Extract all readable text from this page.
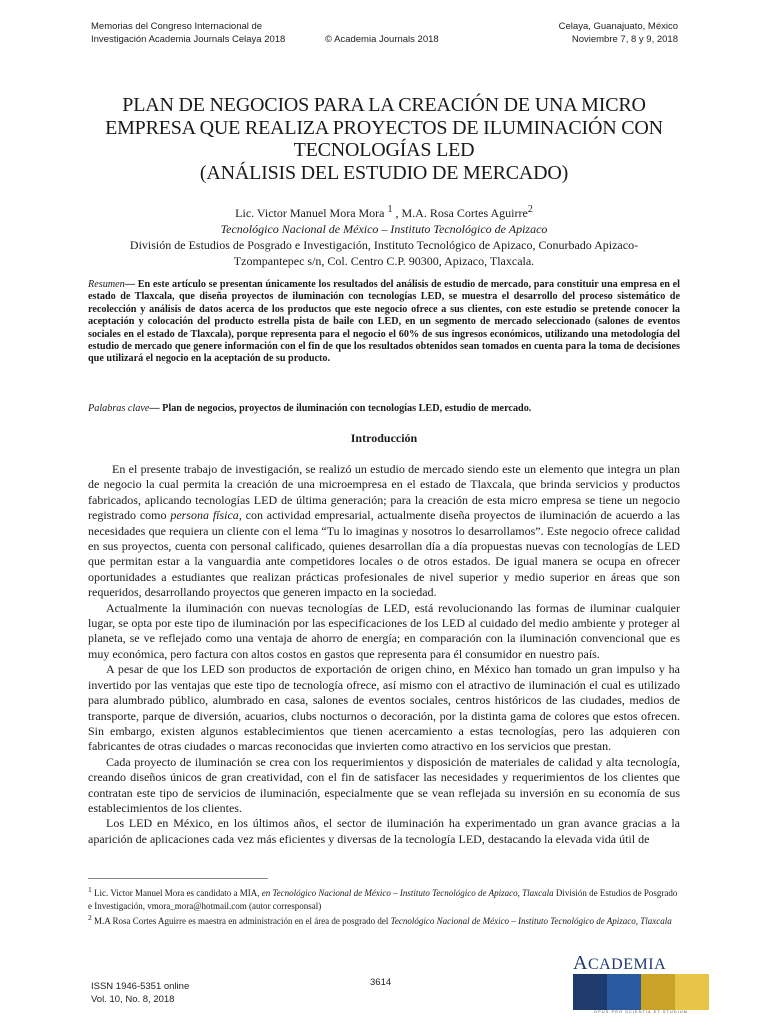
Memorias del Congreso Internacional de
Investigación Academia Journals Celaya 2018	© Academia Journals 2018
Celaya, Guanajuato, México
Noviembre 7, 8 y 9, 2018
PLAN DE NEGOCIOS PARA LA CREACIÓN DE UNA MICRO
EMPRESA QUE REALIZA PROYECTOS DE ILUMINACIÓN CON
TECNOLOGÍAS LED
(ANÁLISIS DEL ESTUDIO DE MERCADO)
Lic. Victor Manuel Mora Mora $^1$ , M.A. Rosa Cortes Aguirre$^2$
Tecnológico Nacional de México – Instituto Tecnológico de Apizaco
División de Estudios de Posgrado e Investigación, Instituto Tecnológico de Apizaco, Conurbado Apizaco-
Tzompantepec s/n, Col. Centro C.P. 90300, Apizaco, Tlaxcala.
Resumen— En este artículo se presentan únicamente los resultados del análisis de estudio de mercado, para constituir una empresa en el estado de Tlaxcala, que diseña proyectos de iluminación con tecnologías LED, se muestra el desarrollo del proceso sistemático de recolección y análisis de datos acerca de los productos que este negocio ofrece a sus clientes, con este estudio se pretende conocer la aceptación y colocación del producto estrella pista de baile con LED, en un segmento de mercado seleccionado (salones de eventos sociales en el estado de Tlaxcala), porque representa para el negocio el 60% de sus ingresos económicos, utilizando una metodología del estudio de mercado que genere información con el fin de que los resultados obtenidos sean tomados en cuenta para la toma de decisiones que utilizará el negocio en la aceptación de su producto.
Palabras clave— Plan de negocios, proyectos de iluminación con tecnologías LED, estudio de mercado.
Introducción

En el presente trabajo de investigación, se realizó un estudio de mercado siendo este un elemento que integra un plan de negocio la cual permita la creación de una microempresa en el estado de Tlaxcala, que brinda servicios y productos fabricados, aplicando tecnologías LED de última generación; para la creación de esta micro empresa se tiene un negocio registrado como persona física, con actividad empresarial, actualmente diseña proyectos de iluminación de acuerdo a las necesidades que requiera un cliente con el lema “Tu lo imaginas y nosotros lo desarrollamos”. Este negocio ofrece calidad en sus proyectos, cuenta con personal calificado, quienes desarrollan día a día propuestas nuevas con tecnologías de LED que permitan estar a la vanguardia ante competidores locales o de otros estados. De igual manera se ocupa en ofrecer oportunidades a estudiantes que realizan prácticas profesionales de nivel superior y medio superior en áreas que son requeridos, desarrollando proyectos que generen impacto en la sociedad.

Actualmente la iluminación con nuevas tecnologías de LED, está revolucionando las formas de iluminar cualquier lugar, se opta por este tipo de iluminación por las especificaciones de los LED al cuidado del medio ambiente y proteger al planeta, se ve reflejado como una ventaja de ahorro de energía; en comparación con la iluminación convencional que es muy económica, pero factura con altos costos en gastos que representa para él consumidor en nuestro país.

A pesar de que los LED son productos de exportación de origen chino, en México han tomado un gran impulso y ha invertido por las ventajas que este tipo de tecnología ofrece, así mismo con el atractivo de iluminación el cual es utilizado para alumbrado público, alumbrado en casa, salones de eventos sociales, centros históricos de las ciudades, medios de transporte, parque de diversión, acuarios, clubs nocturnos o decoración, por la distinta gama de colores que estos ofrecen. Sin embargo, existen algunos establecimientos que tienen acercamiento a estas tecnologías, pero las adquieren con fabricantes de otras ciudades o marcas reconocidas que invierten como atractivo en los servicios que prestan.

Cada proyecto de iluminación se crea con los requerimientos y disposición de materiales de calidad y alta tecnología, creando diseños únicos de gran creatividad, con el fin de satisfacer las necesidades y requerimientos de los clientes que contratan este tipo de servicios de iluminación, especialmente que se vean reflejada su inversión en su economía de sus establecimientos de los clientes.

Los LED en México, en los últimos años, el sector de iluminación ha experimentado un gran avance gracias a la aparición de aplicaciones cada vez más eficientes y diversas de la tecnología LED, destacando la elevada vida útil de

$^1$ Lic. Victor Manuel Mora es candidato a MIA, en Tecnológico Nacional de México – Instituto Tecnológico de Apizaco, Tlaxcala División de Estudios de Posgrado e Investigación, vmora_mora@hotmail.com (autor corresponsal)

$^2$ M.A Rosa Cortes Aguirre es maestra en administración en el área de posgrado del Tecnológico Nacional de México – Instituto Tecnológico de Apizaco, Tlaxcala

ISSN 1946-5351 online
Vol. 10, No. 8, 2018
3614
ACADEMIA
OPUS PRO SCIENTIA ET STUDIUM
